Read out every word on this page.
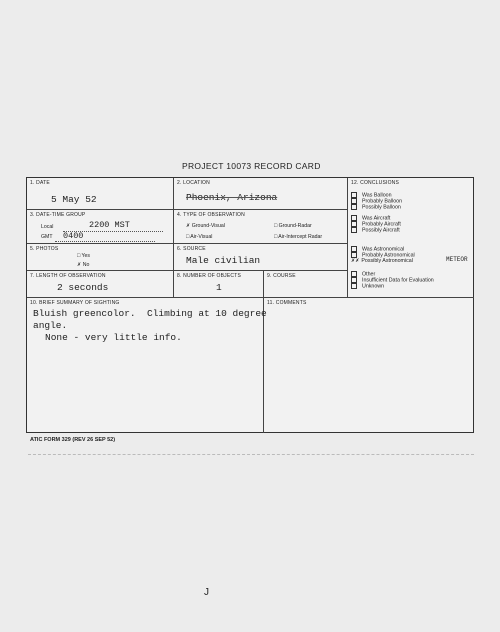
PROJECT 10073 RECORD CARD
1. DATE
5 May 52
2. LOCATION
Phoenix, Arizona
3. DATE-TIME GROUP
Local	2200 MST
GMT 0400
4. TYPE OF OBSERVATION
✗ Ground-Visual	□ Ground-Radar
□ Air-Visual	□ Air-Intercept Radar
5. PHOTOS
□ Yes
✗ No
6. SOURCE
Male civilian
7. LENGTH OF OBSERVATION
2 seconds
8. NUMBER OF OBJECTS
1
9. COURSE
10. BRIEF SUMMARY OF SIGHTING
Bluish greencolor.  Climbing at 10 degree
angle.
None - very little info.
11. COMMENTS
12. CONCLUSIONS
Was Balloon
Probably Balloon
Possibly Balloon
Was Aircraft
Probably Aircraft
Possibly Aircraft
Was Astronomical
Probably Astronomical
✗✗ Possibly Astronomical	METEOR
Other
Insufficient Data for Evaluation
Unknown
ATIC FORM 329 (REV 26 SEP 52)
J
